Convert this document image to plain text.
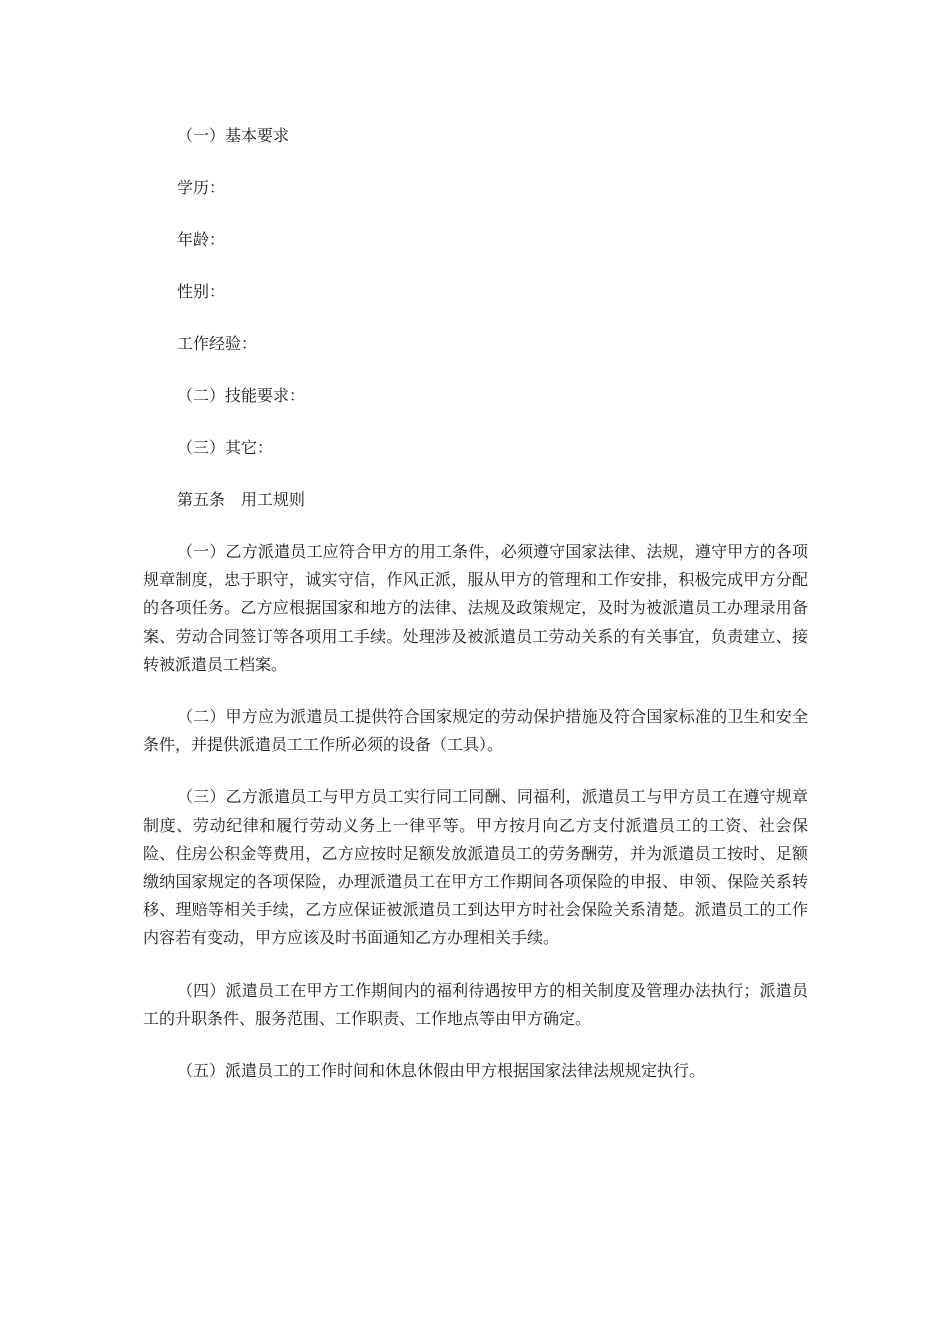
（一）基本要求
学历：
年龄：
性别：
工作经验：
（二）技能要求：
（三）其它：
第五条　用工规则

（一）乙方派遣员工应符合甲方的用工条件，必须遵守国家法律、法规，遵守甲方的各项规章制度，忠于职守，诚实守信，作风正派，服从甲方的管理和工作安排，积极完成甲方分配的各项任务。乙方应根据国家和地方的法律、法规及政策规定，及时为被派遣员工办理录用备案、劳动合同签订等各项用工手续。处理涉及被派遣员工劳动关系的有关事宜，负责建立、接转被派遣员工档案。

（二）甲方应为派遣员工提供符合国家规定的劳动保护措施及符合国家标准的卫生和安全条件，并提供派遣员工工作所必须的设备（工具）。

（三）乙方派遣员工与甲方员工实行同工同酬、同福利，派遣员工与甲方员工在遵守规章制度、劳动纪律和履行劳动义务上一律平等。甲方按月向乙方支付派遣员工的工资、社会保险、住房公积金等费用，乙方应按时足额发放派遣员工的劳务酬劳，并为派遣员工按时、足额缴纳国家规定的各项保险，办理派遣员工在甲方工作期间各项保险的申报、申领、保险关系转移、理赔等相关手续，乙方应保证被派遣员工到达甲方时社会保险关系清楚。派遣员工的工作内容若有变动，甲方应该及时书面通知乙方办理相关手续。

（四）派遣员工在甲方工作期间内的福利待遇按甲方的相关制度及管理办法执行；派遣员工的升职条件、服务范围、工作职责、工作地点等由甲方确定。

（五）派遣员工的工作时间和休息休假由甲方根据国家法律法规规定执行。
